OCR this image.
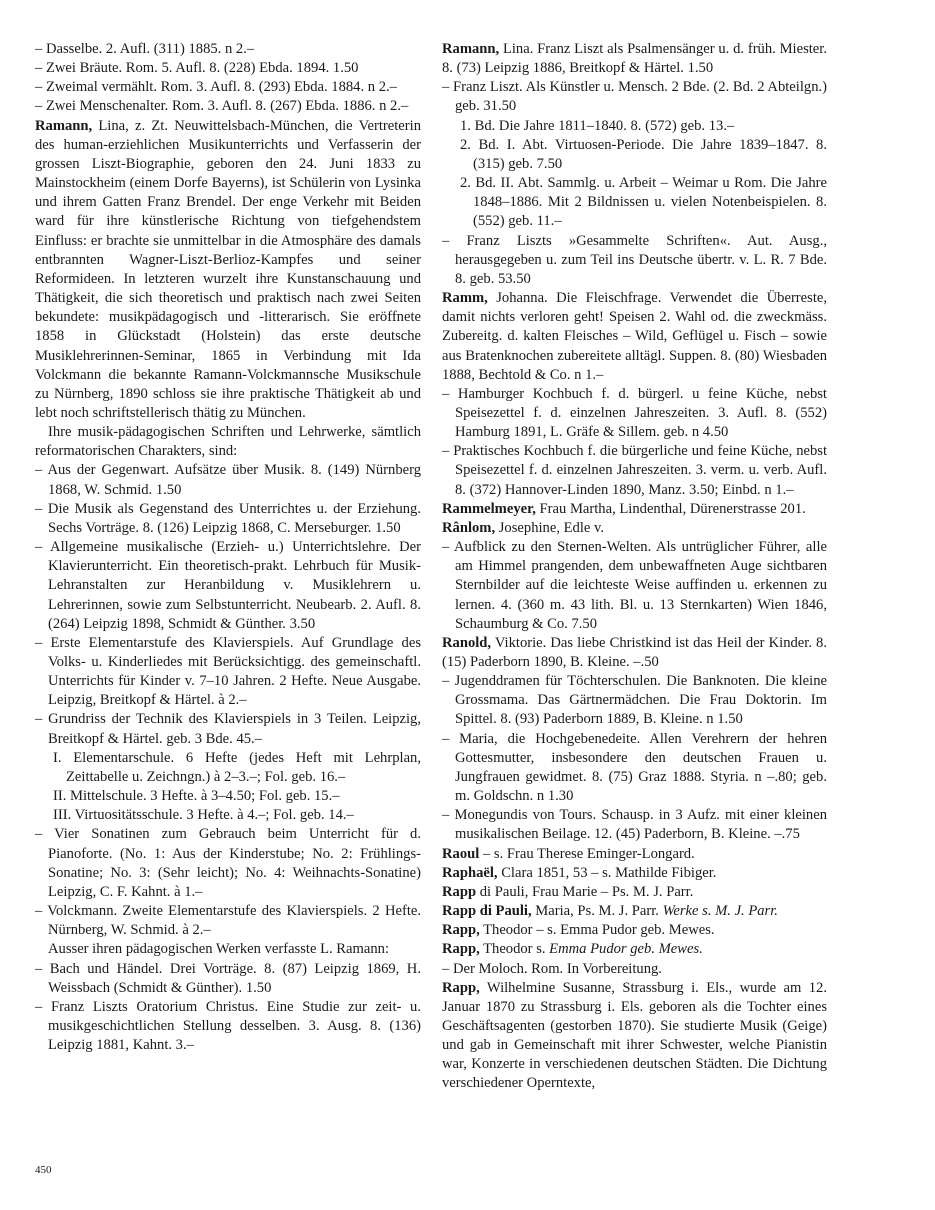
– Dasselbe. 2. Aufl. (311) 1885. n 2.–

– Zwei Bräute. Rom. 5. Aufl. 8. (228) Ebda. 1894. 1.50

– Zweimal vermählt. Rom. 3. Aufl. 8. (293) Ebda. 1884. n 2.–

– Zwei Menschenalter. Rom. 3. Aufl. 8. (267) Ebda. 1886. n 2.–

Ramann, Lina, z. Zt. Neuwittelsbach-München, die Vertreterin des human-erziehlichen Musikunterrichts und Verfasserin der grossen Liszt-Biographie, geboren den 24. Juni 1833 zu Mainstockheim (einem Dorfe Bayerns), ist Schülerin von Lysinka und ihrem Gatten Franz Brendel. Der enge Verkehr mit Beiden ward für ihre künstlerische Richtung von tiefgehendstem Einfluss: er brachte sie unmittelbar in die Atmosphäre des damals entbrannten Wagner-Liszt-Berlioz-Kampfes und seiner Reformideen. In letzteren wurzelt ihre Kunstanschauung und Thätigkeit, die sich theoretisch und praktisch nach zwei Seiten bekundete: musikpädagogisch und -litterarisch. Sie eröffnete 1858 in Glückstadt (Holstein) das erste deutsche Musiklehrerinnen-Seminar, 1865 in Verbindung mit Ida Volckmann die bekannte Ramann-Volckmannsche Musikschule zu Nürnberg, 1890 schloss sie ihre praktische Thätigkeit ab und lebt noch schriftstellerisch thätig zu München.

Ihre musik-pädagogischen Schriften und Lehrwerke, sämtlich reformatorischen Charakters, sind:

– Aus der Gegenwart. Aufsätze über Musik. 8. (149) Nürnberg 1868, W. Schmid. 1.50

– Die Musik als Gegenstand des Unterrichtes u. der Erziehung. Sechs Vorträge. 8. (126) Leipzig 1868, C. Merseburger. 1.50

– Allgemeine musikalische (Erzieh- u.) Unterrichtslehre. Der Klavierunterricht. Ein theoretisch-prakt. Lehrbuch für Musik-Lehranstalten zur Heranbildung v. Musiklehrern u. Lehrerinnen, sowie zum Selbstunterricht. Neubearb. 2. Aufl. 8. (264) Leipzig 1898, Schmidt & Günther. 3.50

– Erste Elementarstufe des Klavierspiels. Auf Grundlage des Volks- u. Kinderliedes mit Berücksichtigg. des gemeinschaftl. Unterrichts für Kinder v. 7–10 Jahren. 2 Hefte. Neue Ausgabe. Leipzig, Breitkopf & Härtel. à 2.–

– Grundriss der Technik des Klavierspiels in 3 Teilen. Leipzig, Breitkopf & Härtel. geb. 3 Bde. 45.–

I. Elementarschule. 6 Hefte (jedes Heft mit Lehrplan, Zeittabelle u. Zeichngn.) à 2–3.–; Fol. geb. 16.–

II. Mittelschule. 3 Hefte. à 3–4.50; Fol. geb. 15.–

III. Virtuositätsschule. 3 Hefte. à 4.–; Fol. geb. 14.–

– Vier Sonatinen zum Gebrauch beim Unterricht für d. Pianoforte. (No. 1: Aus der Kinderstube; No. 2: Frühlings-Sonatine; No. 3: (Sehr leicht); No. 4: Weihnachts-Sonatine) Leipzig, C. F. Kahnt. à 1.–

– Volckmann. Zweite Elementarstufe des Klavierspiels. 2 Hefte. Nürnberg, W. Schmid. à 2.–

Ausser ihren pädagogischen Werken verfasste L. Ramann:

– Bach und Händel. Drei Vorträge. 8. (87) Leipzig 1869, H. Weissbach (Schmidt & Günther). 1.50

– Franz Liszts Oratorium Christus. Eine Studie zur zeit- u. musikgeschichtlichen Stellung desselben. 3. Ausg. 8. (136) Leipzig 1881, Kahnt. 3.–

Ramann, Lina. Franz Liszt als Psalmensänger u. d. früh. Miester. 8. (73) Leipzig 1886, Breitkopf & Härtel. 1.50

– Franz Liszt. Als Künstler u. Mensch. 2 Bde. (2. Bd. 2 Abteilgn.) geb. 31.50

1. Bd. Die Jahre 1811–1840. 8. (572) geb. 13.–

2. Bd. I. Abt. Virtuosen-Periode. Die Jahre 1839–1847. 8. (315) geb. 7.50

2. Bd. II. Abt. Sammlg. u. Arbeit – Weimar u Rom. Die Jahre 1848–1886. Mit 2 Bildnissen u. vielen Notenbeispielen. 8. (552) geb. 11.–

– Franz Liszts »Gesammelte Schriften«. Aut. Ausg., herausgegeben u. zum Teil ins Deutsche übertr. v. L. R. 7 Bde. 8. geb. 53.50

Ramm, Johanna. Die Fleischfrage. Verwendet die Überreste, damit nichts verloren geht! Speisen 2. Wahl od. die zweckmäss. Zubereitg. d. kalten Fleisches – Wild, Geflügel u. Fisch – sowie aus Bratenknochen zubereitete alltägl. Suppen. 8. (80) Wiesbaden 1888, Bechtold & Co. n 1.–

– Hamburger Kochbuch f. d. bürgerl. u feine Küche, nebst Speisezettel f. d. einzelnen Jahreszeiten. 3. Aufl. 8. (552) Hamburg 1891, L. Gräfe & Sillem. geb. n 4.50

– Praktisches Kochbuch f. die bürgerliche und feine Küche, nebst Speisezettel f. d. einzelnen Jahreszeiten. 3. verm. u. verb. Aufl. 8. (372) Hannover-Linden 1890, Manz. 3.50; Einbd. n 1.–

Rammelmeyer, Frau Martha, Lindenthal, Dürenerstrasse 201.

Rânlom, Josephine, Edle v.

– Aufblick zu den Sternen-Welten. Als untrüglicher Führer, alle am Himmel prangenden, dem unbewaffneten Auge sichtbaren Sternbilder auf die leichteste Weise auffinden u. erkennen zu lernen. 4. (360 m. 43 lith. Bl. u. 13 Sternkarten) Wien 1846, Schaumburg & Co. 7.50

Ranold, Viktorie. Das liebe Christkind ist das Heil der Kinder. 8. (15) Paderborn 1890, B. Kleine. –.50

– Jugenddramen für Töchterschulen. Die Banknoten. Die kleine Grossmama. Das Gärtnermädchen. Die Frau Doktorin. Im Spittel. 8. (93) Paderborn 1889, B. Kleine. n 1.50

– Maria, die Hochgebenedeite. Allen Verehrern der hehren Gottesmutter, insbesondere den deutschen Frauen u. Jungfrauen gewidmet. 8. (75) Graz 1888. Styria. n –.80; geb. m. Goldschn. n 1.30

– Monegundis von Tours. Schausp. in 3 Aufz. mit einer kleinen musikalischen Beilage. 12. (45) Paderborn, B. Kleine. –.75

Raoul – s. Frau Therese Eminger-Longard.

Raphaël, Clara 1851, 53 – s. Mathilde Fibiger.

Rapp di Pauli, Frau Marie – Ps. M. J. Parr.

Rapp di Pauli, Maria, Ps. M. J. Parr. Werke s. M. J. Parr.

Rapp, Theodor – s. Emma Pudor geb. Mewes.

Rapp, Theodor s. Emma Pudor geb. Mewes.

– Der Moloch. Rom. In Vorbereitung.

Rapp, Wilhelmine Susanne, Strassburg i. Els., wurde am 12. Januar 1870 zu Strassburg i. Els. geboren als die Tochter eines Geschäftsagenten (gestorben 1870). Sie studierte Musik (Geige) und gab in Gemeinschaft mit ihrer Schwester, welche Pianistin war, Konzerte in verschiedenen deutschen Städten. Die Dichtung verschiedener Operntexte,

450
